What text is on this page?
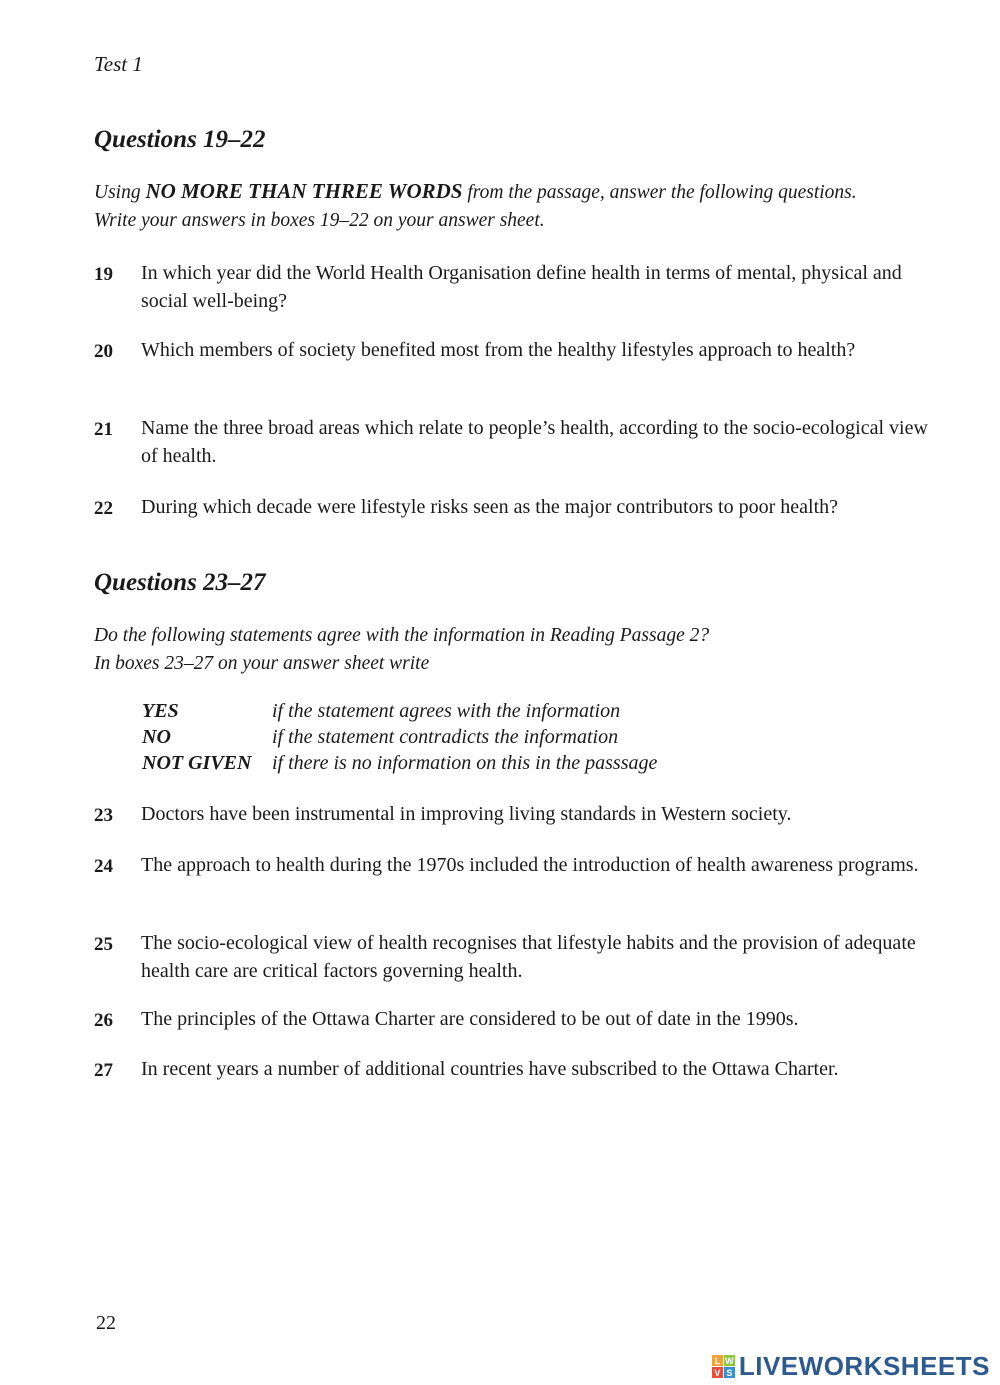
Test 1
Questions 19–22
Using NO MORE THAN THREE WORDS from the passage, answer the following questions.
Write your answers in boxes 19–22 on your answer sheet.
19 In which year did the World Health Organisation define health in terms of mental, physical and social well-being?
20 Which members of society benefited most from the healthy lifestyles approach to health?
21 Name the three broad areas which relate to people’s health, according to the socio-ecological view of health.
22 During which decade were lifestyle risks seen as the major contributors to poor health?
Questions 23–27
Do the following statements agree with the information in Reading Passage 2?
In boxes 23–27 on your answer sheet write
YES	if the statement agrees with the information
NO	if the statement contradicts the information
NOT GIVEN	if there is no information on this in the passsage
23 Doctors have been instrumental in improving living standards in Western society.
24 The approach to health during the 1970s included the introduction of health awareness programs.
25 The socio-ecological view of health recognises that lifestyle habits and the provision of adequate health care are critical factors governing health.
26 The principles of the Ottawa Charter are considered to be out of date in the 1990s.
27 In recent years a number of additional countries have subscribed to the Ottawa Charter.
22
L W
V S LIVEWORKSHEETS
